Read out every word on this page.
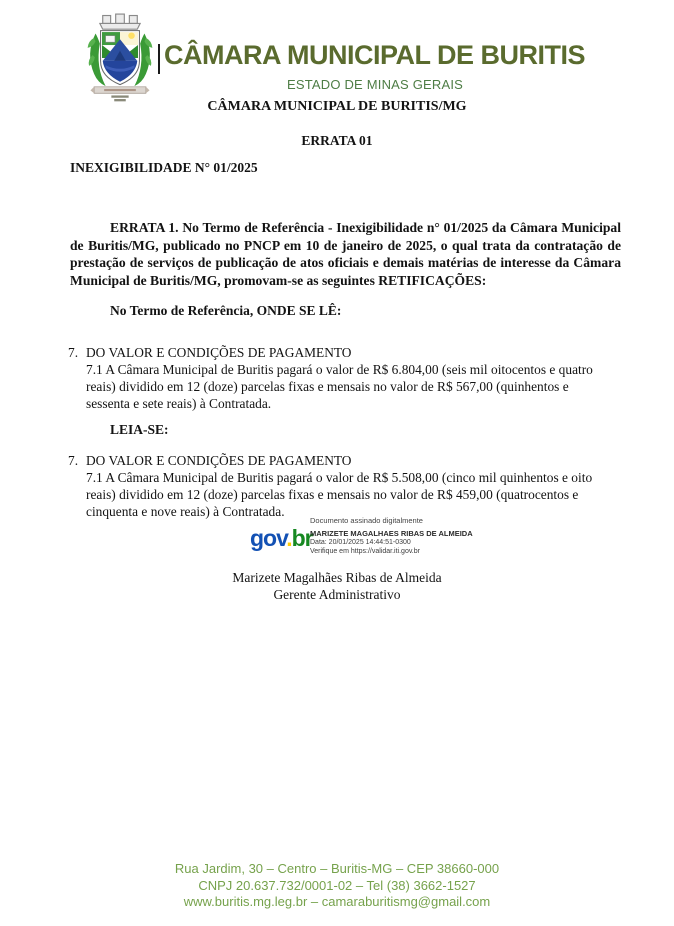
CÂMARA MUNICIPAL DE BURITIS
ESTADO DE MINAS GERAIS
CÂMARA MUNICIPAL DE BURITIS/MG
ERRATA 01
INEXIGIBILIDADE N° 01/2025

ERRATA 1. No Termo de Referência - Inexigibilidade n° 01/2025 da Câmara Municipal de Buritis/MG, publicado no PNCP em 10 de janeiro de 2025, o qual trata da contratação de prestação de serviços de publicação de atos oficiais e demais matérias de interesse da Câmara Municipal de Buritis/MG, promovam-se as seguintes RETIFICAÇÕES:

No Termo de Referência, ONDE SE LÊ:
7. DO VALOR E CONDIÇÕES DE PAGAMENTO
7.1 A Câmara Municipal de Buritis pagará o valor de R$ 6.804,00 (seis mil oitocentos e quatro reais) dividido em 12 (doze) parcelas fixas e mensais no valor de R$ 567,00 (quinhentos e sessenta e sete reais) à Contratada.
LEIA-SE:
7. DO VALOR E CONDIÇÕES DE PAGAMENTO
7.1 A Câmara Municipal de Buritis pagará o valor de R$ 5.508,00 (cinco mil quinhentos e oito reais) dividido em 12 (doze) parcelas fixas e mensais no valor de R$ 459,00 (quatrocentos e cinquenta e nove reais) à Contratada.
Documento assinado digitalmente
gov.br
MARIZETE MAGALHAES RIBAS DE ALMEIDA
Data: 20/01/2025 14:44:51-0300
Verifique em https://validar.iti.gov.br
Marizete Magalhães Ribas de Almeida
Gerente Administrativo
Rua Jardim, 30 – Centro – Buritis-MG – CEP 38660-000
CNPJ 20.637.732/0001-02 – Tel (38) 3662-1527
www.buritis.mg.leg.br – camaraburitismg@gmail.com
